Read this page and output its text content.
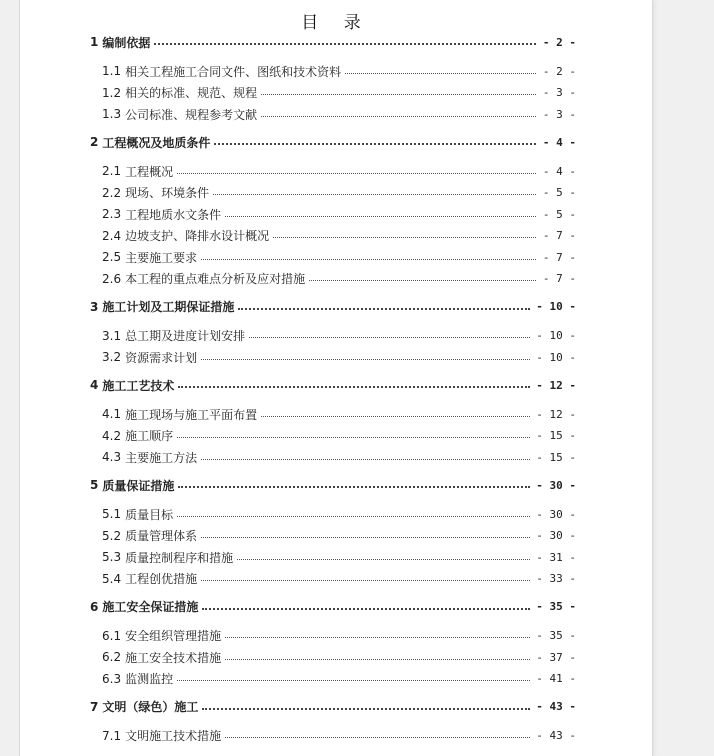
目 录
1 编制依据	- 2 -
1.1 相关工程施工合同文件、图纸和技术资料	- 2 -
1.2 相关的标准、规范、规程	- 3 -
1.3 公司标准、规程参考文献	- 3 -
2 工程概况及地质条件	- 4 -
2.1 工程概况	- 4 -
2.2 现场、环境条件	- 5 -
2.3 工程地质水文条件	- 5 -
2.4 边坡支护、降排水设计概况	- 7 -
2.5 主要施工要求	- 7 -
2.6 本工程的重点难点分析及应对措施	- 7 -
3 施工计划及工期保证措施	- 10 -
3.1 总工期及进度计划安排	- 10 -
3.2 资源需求计划	- 10 -
4 施工工艺技术	- 12 -
4.1 施工现场与施工平面布置	- 12 -
4.2 施工顺序	- 15 -
4.3 主要施工方法	- 15 -
5 质量保证措施	- 30 -
5.1 质量目标	- 30 -
5.2 质量管理体系	- 30 -
5.3 质量控制程序和措施	- 31 -
5.4 工程创优措施	- 33 -
6 施工安全保证措施	- 35 -
6.1 安全组织管理措施	- 35 -
6.2 施工安全技术措施	- 37 -
6.3 监测监控	- 41 -
7 文明（绿色）施工	- 43 -
7.1 文明施工技术措施	- 43 -
